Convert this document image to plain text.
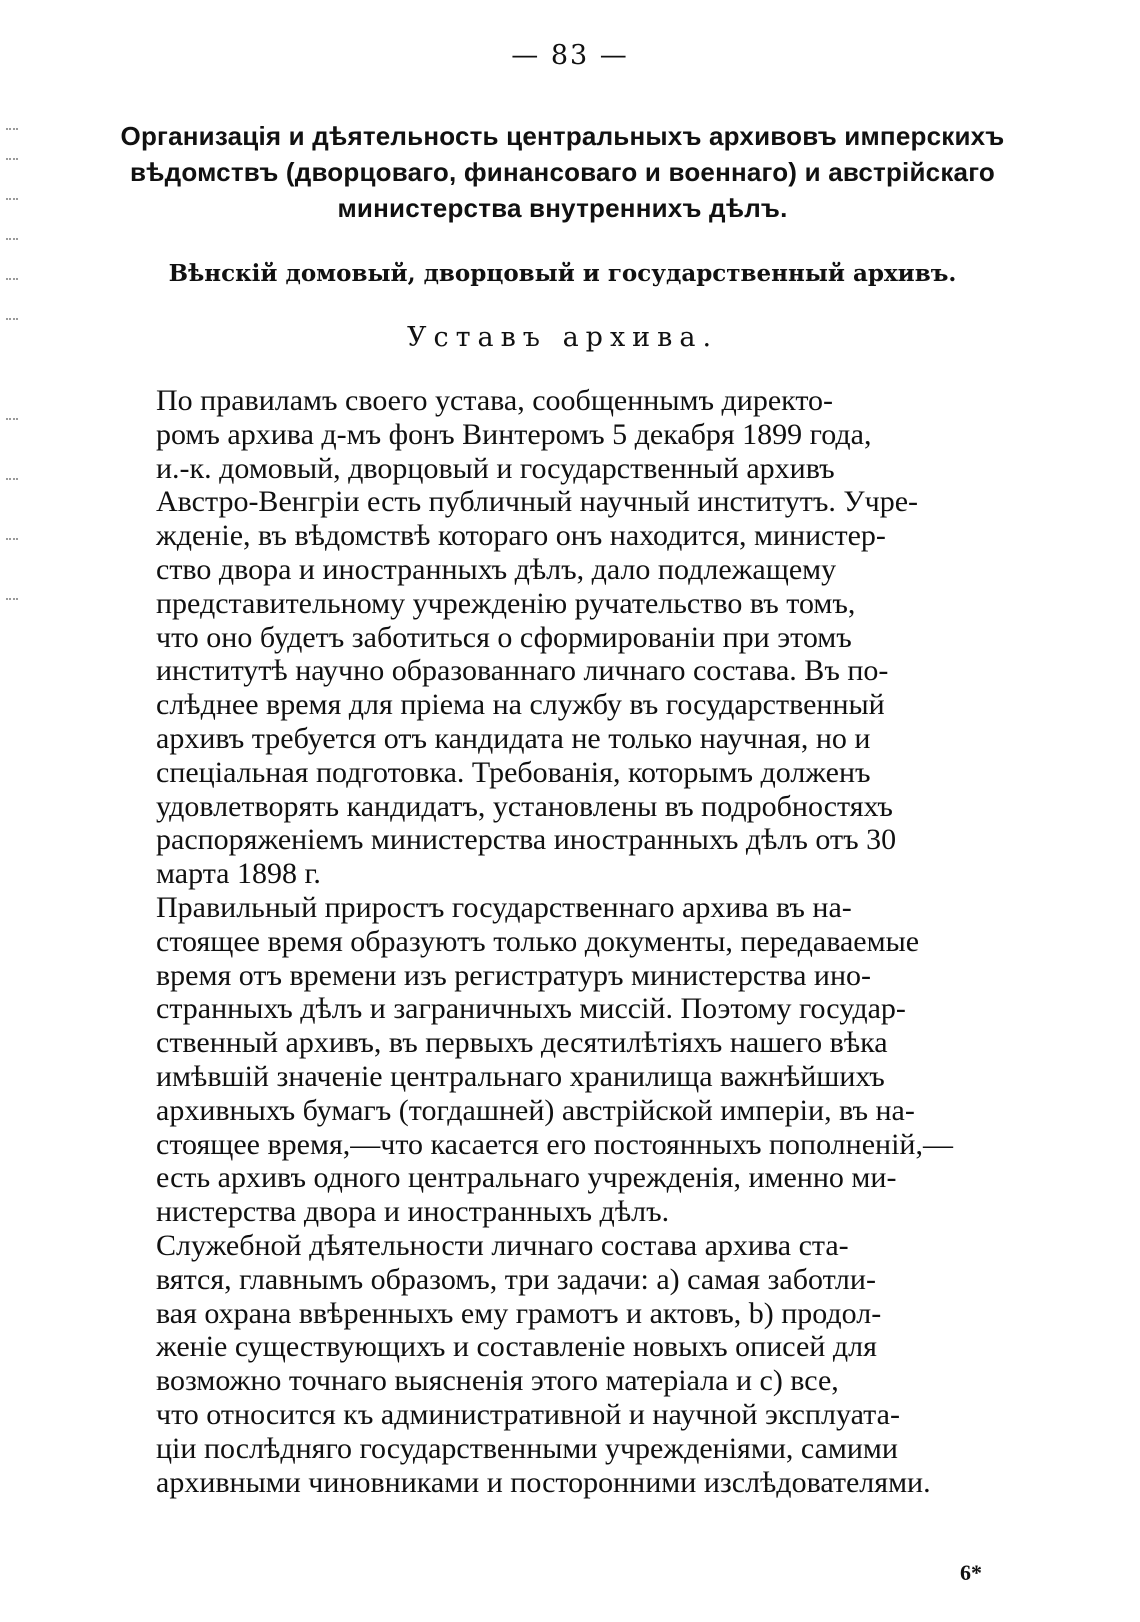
— 83 —
Организація и дѣятельность центральныхъ архивовъ имперскихъ вѣдомствъ (дворцоваго, финансоваго и военнаго) и австрійскаго министерства внутреннихъ дѣлъ.
Вѣнскій домовый, дворцовый и государственный архивъ.
Уставъ архива.

По правиламъ своего устава, сообщеннымъ директо-
ромъ архива д-мъ фонъ Винтеромъ 5 декабря 1899 года,
и.-к. домовый, дворцовый и государственный архивъ
Австро-Венгріи есть публичный научный институтъ. Учре-
жденіе, въ вѣдомствѣ котораго онъ находится, министер-
ство двора и иностранныхъ дѣлъ, дало подлежащему
представительному учрежденію ручательство въ томъ,
что оно будетъ заботиться о сформированіи при этомъ
институтѣ научно образованнаго личнаго состава. Въ по-
слѣднее время для пріема на службу въ государственный
архивъ требуется отъ кандидата не только научная, но и
спеціальная подготовка. Требованія, которымъ долженъ
удовлетворять кандидатъ, установлены въ подробностяхъ
распоряженіемъ министерства иностранныхъ дѣлъ отъ 30
марта 1898 г.

Правильный приростъ государственнаго архива въ на-
стоящее время образуютъ только документы, передаваемые
время отъ времени изъ регистратуръ министерства ино-
странныхъ дѣлъ и заграничныхъ миссій. Поэтому государ-
ственный архивъ, въ первыхъ десятилѣтіяхъ нашего вѣка
имѣвшій значеніе центральнаго хранилища важнѣйшихъ
архивныхъ бумагъ (тогдашней) австрійской имперіи, въ на-
стоящее время,—что касается его постоянныхъ пополненій,—
есть архивъ одного центральнаго учрежденія, именно ми-
нистерства двора и иностранныхъ дѣлъ.

Служебной дѣятельности личнаго состава архива ста-
вятся, главнымъ образомъ, три задачи: a) самая заботли-
вая охрана ввѣренныхъ ему грамотъ и актовъ, b) продол-
женіе существующихъ и составленіе новыхъ описей для
возможно точнаго выясненія этого матеріала и c) все,
что относится къ административной и научной эксплуата-
ціи послѣдняго государственными учрежденіями, самими
архивными чиновниками и посторонними изслѣдователями.

6*
